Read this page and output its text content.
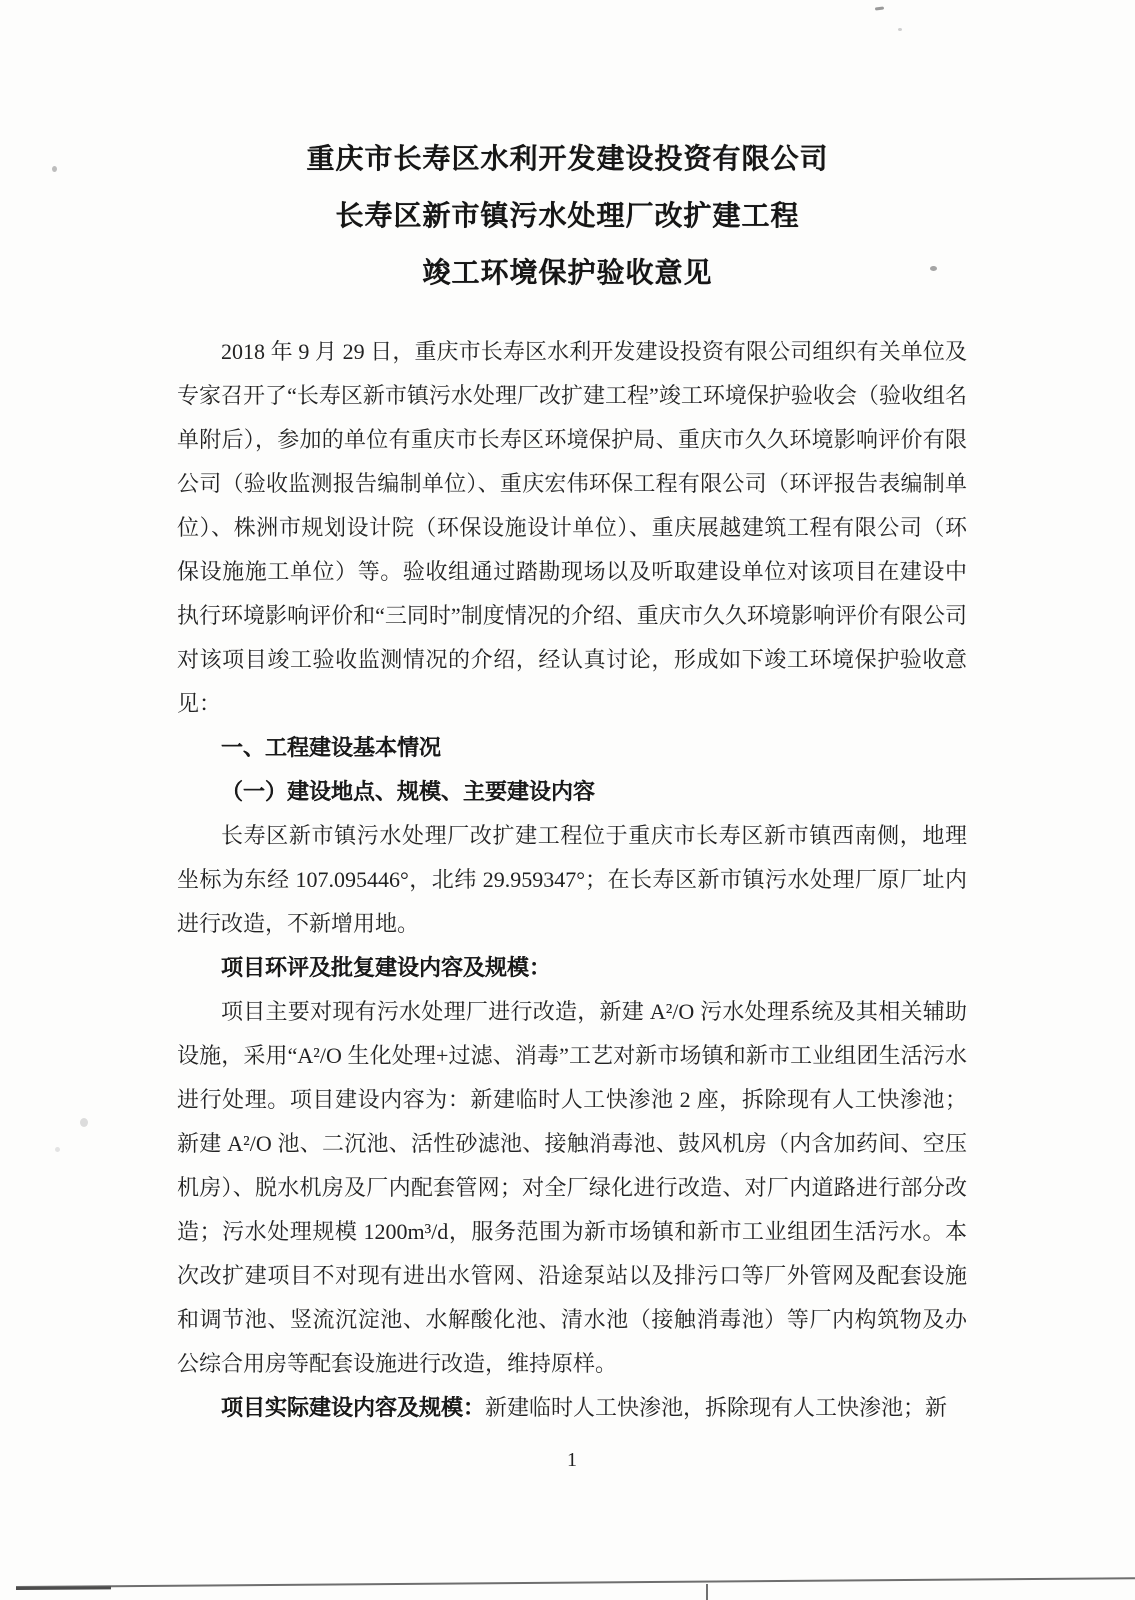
重庆市长寿区水利开发建设投资有限公司
长寿区新市镇污水处理厂改扩建工程
竣工环境保护验收意见

2018 年 9 月 29 日，重庆市长寿区水利开发建设投资有限公司组织有关单位及专家召开了“长寿区新市镇污水处理厂改扩建工程”竣工环境保护验收会（验收组名单附后），参加的单位有重庆市长寿区环境保护局、重庆市久久环境影响评价有限公司（验收监测报告编制单位）、重庆宏伟环保工程有限公司（环评报告表编制单位）、株洲市规划设计院（环保设施设计单位）、重庆展越建筑工程有限公司（环保设施施工单位）等。验收组通过踏勘现场以及听取建设单位对该项目在建设中执行环境影响评价和“三同时”制度情况的介绍、重庆市久久环境影响评价有限公司对该项目竣工验收监测情况的介绍，经认真讨论，形成如下竣工环境保护验收意见：

一、工程建设基本情况

（一）建设地点、规模、主要建设内容

长寿区新市镇污水处理厂改扩建工程位于重庆市长寿区新市镇西南侧，地理坐标为东经 107.095446°，北纬 29.959347°；在长寿区新市镇污水处理厂原厂址内进行改造，不新增用地。

项目环评及批复建设内容及规模：

项目主要对现有污水处理厂进行改造，新建 A²/O 污水处理系统及其相关辅助设施，采用“A²/O 生化处理+过滤、消毒”工艺对新市场镇和新市工业组团生活污水进行处理。项目建设内容为：新建临时人工快渗池 2 座，拆除现有人工快渗池；新建 A²/O 池、二沉池、活性砂滤池、接触消毒池、鼓风机房（内含加药间、空压机房）、脱水机房及厂内配套管网；对全厂绿化进行改造、对厂内道路进行部分改造；污水处理规模 1200m³/d，服务范围为新市场镇和新市工业组团生活污水。本次改扩建项目不对现有进出水管网、沿途泵站以及排污口等厂外管网及配套设施和调节池、竖流沉淀池、水解酸化池、清水池（接触消毒池）等厂内构筑物及办公综合用房等配套设施进行改造，维持原样。

项目实际建设内容及规模：新建临时人工快渗池，拆除现有人工快渗池；新

1
